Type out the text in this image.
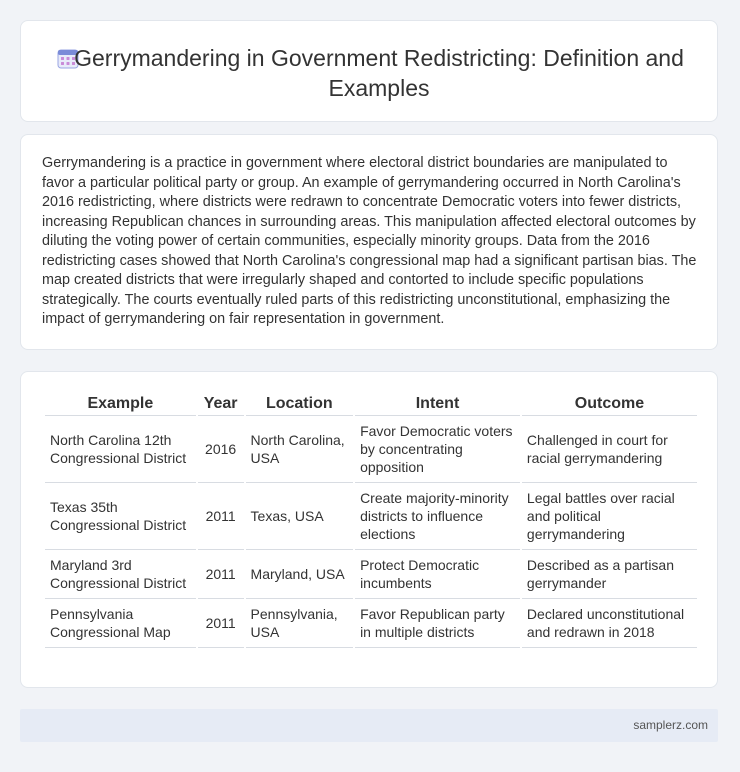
Gerrymandering in Government Redistricting: Definition and Examples

Gerrymandering is a practice in government where electoral district boundaries are manipulated to favor a particular political party or group. An example of gerrymandering occurred in North Carolina's 2016 redistricting, where districts were redrawn to concentrate Democratic voters into fewer districts, increasing Republican chances in surrounding areas. This manipulation affected electoral outcomes by diluting the voting power of certain communities, especially minority groups. Data from the 2016 redistricting cases showed that North Carolina's congressional map had a significant partisan bias. The map created districts that were irregularly shaped and contorted to include specific populations strategically. The courts eventually ruled parts of this redistricting unconstitutional, emphasizing the impact of gerrymandering on fair representation in government.

Example	Year	Location	Intent	Outcome
North Carolina 12th Congressional District	2016	North Carolina, USA	Favor Democratic voters by concentrating opposition	Challenged in court for racial gerrymandering
Texas 35th Congressional District	2011	Texas, USA	Create majority-minority districts to influence elections	Legal battles over racial and political gerrymandering
Maryland 3rd Congressional District	2011	Maryland, USA	Protect Democratic incumbents	Described as a partisan gerrymander
Pennsylvania Congressional Map	2011	Pennsylvania, USA	Favor Republican party in multiple districts	Declared unconstitutional and redrawn in 2018
samplerz.com
